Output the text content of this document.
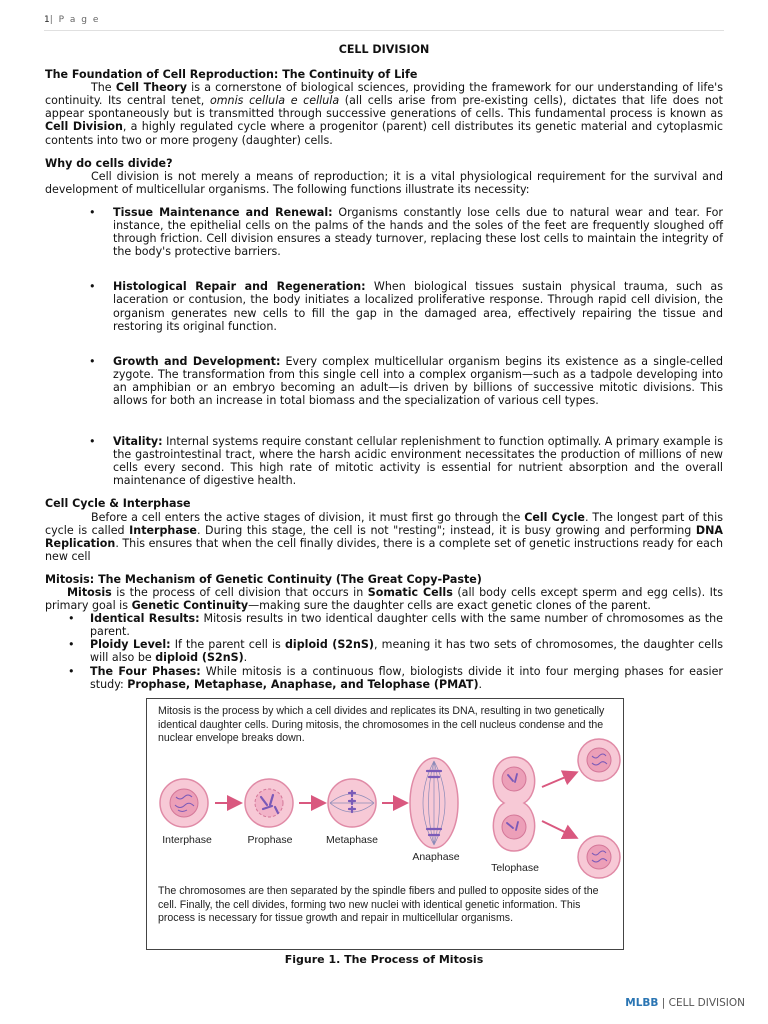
1| P a g e
CELL DIVISION
The Foundation of Cell Reproduction: The Continuity of Life

The Cell Theory is a cornerstone of biological sciences, providing the framework for our understanding of life's continuity. Its central tenet, omnis cellula e cellula (all cells arise from pre-existing cells), dictates that life does not appear spontaneously but is transmitted through successive generations of cells. This fundamental process is known as Cell Division, a highly regulated cycle where a progenitor (parent) cell distributes its genetic material and cytoplasmic contents into two or more progeny (daughter) cells.

Why do cells divide?

Cell division is not merely a means of reproduction; it is a vital physiological requirement for the survival and development of multicellular organisms. The following functions illustrate its necessity:

• Tissue Maintenance and Renewal: Organisms constantly lose cells due to natural wear and tear. For instance, the epithelial cells on the palms of the hands and the soles of the feet are frequently sloughed off through friction. Cell division ensures a steady turnover, replacing these lost cells to maintain the integrity of the body's protective barriers.
• Histological Repair and Regeneration: When biological tissues sustain physical trauma, such as laceration or contusion, the body initiates a localized proliferative response. Through rapid cell division, the organism generates new cells to fill the gap in the damaged area, effectively repairing the tissue and restoring its original function.
• Growth and Development: Every complex multicellular organism begins its existence as a single-celled zygote. The transformation from this single cell into a complex organism—such as a tadpole developing into an amphibian or an embryo becoming an adult—is driven by billions of successive mitotic divisions. This allows for both an increase in total biomass and the specialization of various cell types.
• Vitality: Internal systems require constant cellular replenishment to function optimally. A primary example is the gastrointestinal tract, where the harsh acidic environment necessitates the production of millions of new cells every second. This high rate of mitotic activity is essential for nutrient absorption and the overall maintenance of digestive health.
Cell Cycle & Interphase

Before a cell enters the active stages of division, it must first go through the Cell Cycle. The longest part of this cycle is called Interphase. During this stage, the cell is not "resting"; instead, it is busy growing and performing DNA Replication. This ensures that when the cell finally divides, there is a complete set of genetic instructions ready for each new cell

Mitosis: The Mechanism of Genetic Continuity (The Great Copy-Paste)

Mitosis is the process of cell division that occurs in Somatic Cells (all body cells except sperm and egg cells). Its primary goal is Genetic Continuity—making sure the daughter cells are exact genetic clones of the parent.

• Identical Results: Mitosis results in two identical daughter cells with the same number of chromosomes as the parent.
• Ploidy Level: If the parent cell is diploid (S2nS), meaning it has two sets of chromosomes, the daughter cells will also be diploid (S2nS).
• The Four Phases: While mitosis is a continuous flow, biologists divide it into four merging phases for easier study: Prophase, Metaphase, Anaphase, and Telophase (PMAT).
Mitosis is the process by which a cell divides and replicates its DNA, resulting in two genetically identical daughter cells. During mitosis, the chromosomes in the cell nucleus condense and the nuclear envelope breaks down.
Interphase	Prophase	Metaphase
Anaphase
Telophase
The chromosomes are then separated by the spindle fibers and pulled to opposite sides of the cell. Finally, the cell divides, forming two new nuclei with identical genetic information. This process is necessary for tissue growth and repair in multicellular organisms.
Figure 1. The Process of Mitosis
MLBB | CELL DIVISION
